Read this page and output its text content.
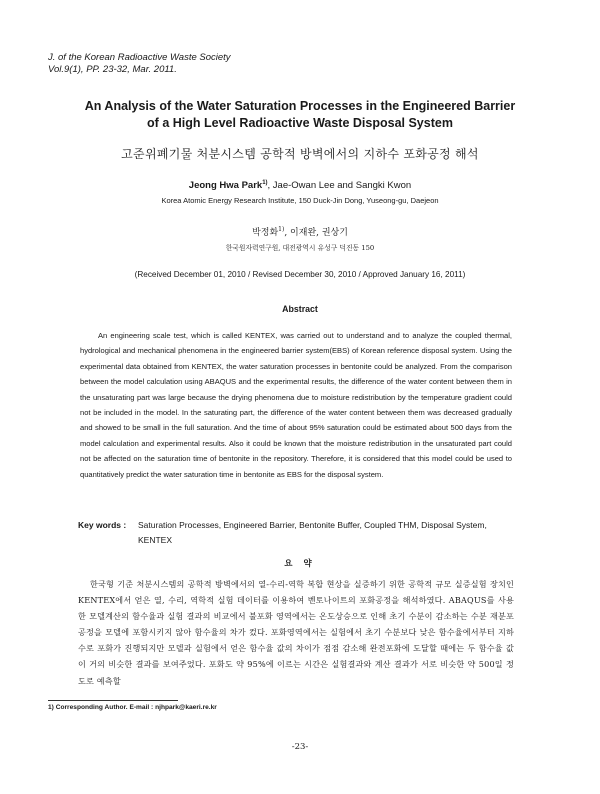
J. of the Korean Radioactive Waste Society
Vol.9(1), PP. 23-32, Mar. 2011.
An Analysis of the Water Saturation Processes in the Engineered Barrier of a High Level Radioactive Waste Disposal System
고준위폐기물 처분시스템 공학적 방벽에서의 지하수 포화공정 해석
Jeong Hwa Park$^{1)}$, Jae-Owan Lee and Sangki Kwon
Korea Atomic Energy Research Institute, 150 Duck-Jin Dong, Yuseong-gu, Daejeon
박정화$^{1)}$, 이재완, 권상기
한국원자력연구원, 대전광역시 유성구 덕진동 150
(Received December 01, 2010 / Revised December 30, 2010 / Approved January 16, 2011)
Abstract

An engineering scale test, which is called KENTEX, was carried out to understand and to analyze the coupled thermal, hydrological and mechanical phenomena in the engineered barrier system(EBS) of Korean reference disposal system. Using the experimental data obtained from KENTEX, the water saturation processes in bentonite could be analyzed. From the comparison between the model calculation using ABAQUS and the experimental results, the difference of the water content between them in the unsaturating part was large because the drying phenomena due to moisture redistribution by the temperature gradient could not be included in the model. In the saturating part, the difference of the water content between them was decreased gradually and showed to be small in the full saturation. And the time of about 95% saturation could be estimated about 500 days from the model calculation and experimental results. Also it could be known that the moisture redistribution in the unsaturated part could not be affected on the saturation time of bentonite in the repository. Therefore, it is considered that this model could be used to quantitatively predict the water saturation time in bentonite as EBS for the disposal system.

Key words : Saturation Processes, Engineered Barrier, Bentonite Buffer, Coupled THM, Disposal System, KENTEX
요 약

한국형 기준 처분시스템의 공학적 방벽에서의 열-수리-역학 복합 현상을 실증하기 위한 공학적 규모 실증실험 장치인 KENTEX에서 얻은 열, 수리, 역학적 실험 데이터를 이용하여 벤토나이트의 포화공정을 해석하였다. ABAQUS를 사용한 모델계산의 함수율과 실험 결과의 비교에서 불포화 영역에서는 온도상승으로 인해 초기 수분이 감소하는 수분 재분포 공정을 모델에 포함시키지 않아 함수율의 차가 컸다. 포화영역에서는 실험에서 초기 수분보다 낮은 함수율에서부터 지하수로 포화가 진행되지만 모델과 실험에서 얻은 함수율 값의 차이가 점점 감소해 완전포화에 도달할 때에는 두 함수율 값이 거의 비슷한 결과를 보여주었다. 포화도 약 95%에 이르는 시간은 실험결과와 계산 결과가 서로 비슷한 약 500일 정도로 예측할

1) Corresponding Author. E-mail : njhpark@kaeri.re.kr
-23-
